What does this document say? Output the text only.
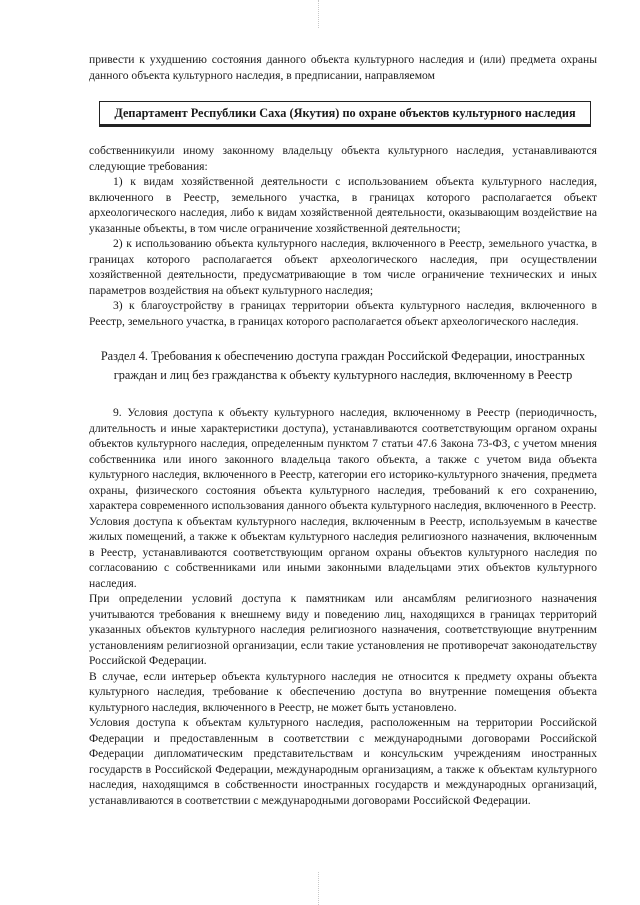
привести к ухудшению состояния данного объекта культурного наследия и (или) предмета охраны данного объекта культурного наследия, в предписании, направляемом

Департамент Республики Саха (Якутия) по охране объектов культурного наследия

собственникуили иному законному владельцу объекта культурного наследия, устанавливаются следующие требования:

1) к видам хозяйственной деятельности с использованием объекта культурного наследия, включенного в Реестр, земельного участка, в границах которого располагается объект археологического наследия, либо к видам хозяйственной деятельности, оказывающим воздействие на указанные объекты, в том числе ограничение хозяйственной деятельности;

2) к использованию объекта культурного наследия, включенного в Реестр, земельного участка, в границах которого располагается объект археологического наследия, при осуществлении хозяйственной деятельности, предусматривающие в том числе ограничение технических и иных параметров воздействия на объект культурного наследия;

3) к благоустройству в границах территории объекта культурного наследия, включенного в Реестр, земельного участка, в границах которого располагается объект археологического наследия.

Раздел 4. Требования к обеспечению доступа граждан Российской Федерации, иностранных граждан и лиц без гражданства к объекту культурного наследия, включенному в Реестр

9. Условия доступа к объекту культурного наследия, включенному в Реестр (периодичность, длительность и иные характеристики доступа), устанавливаются соответствующим органом охраны объектов культурного наследия, определенным пунктом 7 статьи 47.6 Закона 73-ФЗ, с учетом мнения собственника или иного законного владельца такого объекта, а также с учетом вида объекта культурного наследия, включенного в Реестр, категории его историко-культурного значения, предмета охраны, физического состояния объекта культурного наследия, требований к его сохранению, характера современного использования данного объекта культурного наследия, включенного в Реестр.

Условия доступа к объектам культурного наследия, включенным в Реестр, используемым в качестве жилых помещений, а также к объектам культурного наследия религиозного назначения, включенным в Реестр, устанавливаются соответствующим органом охраны объектов культурного наследия по согласованию с собственниками или иными законными владельцами этих объектов культурного наследия.

При определении условий доступа к памятникам или ансамблям религиозного назначения учитываются требования к внешнему виду и поведению лиц, находящихся в границах территорий указанных объектов культурного наследия религиозного назначения, соответствующие внутренним установлениям религиозной организации, если такие установления не противоречат законодательству Российской Федерации.

В случае, если интерьер объекта культурного наследия не относится к предмету охраны объекта культурного наследия, требование к обеспечению доступа во внутренние помещения объекта культурного наследия, включенного в Реестр, не может быть установлено.

Условия доступа к объектам культурного наследия, расположенным на территории Российской Федерации и предоставленным в соответствии с международными договорами Российской Федерации дипломатическим представительствам и консульским учреждениям иностранных государств в Российской Федерации, международным организациям, а также к объектам культурного наследия, находящимся в собственности иностранных государств и международных организаций, устанавливаются в соответствии с международными договорами Российской Федерации.
